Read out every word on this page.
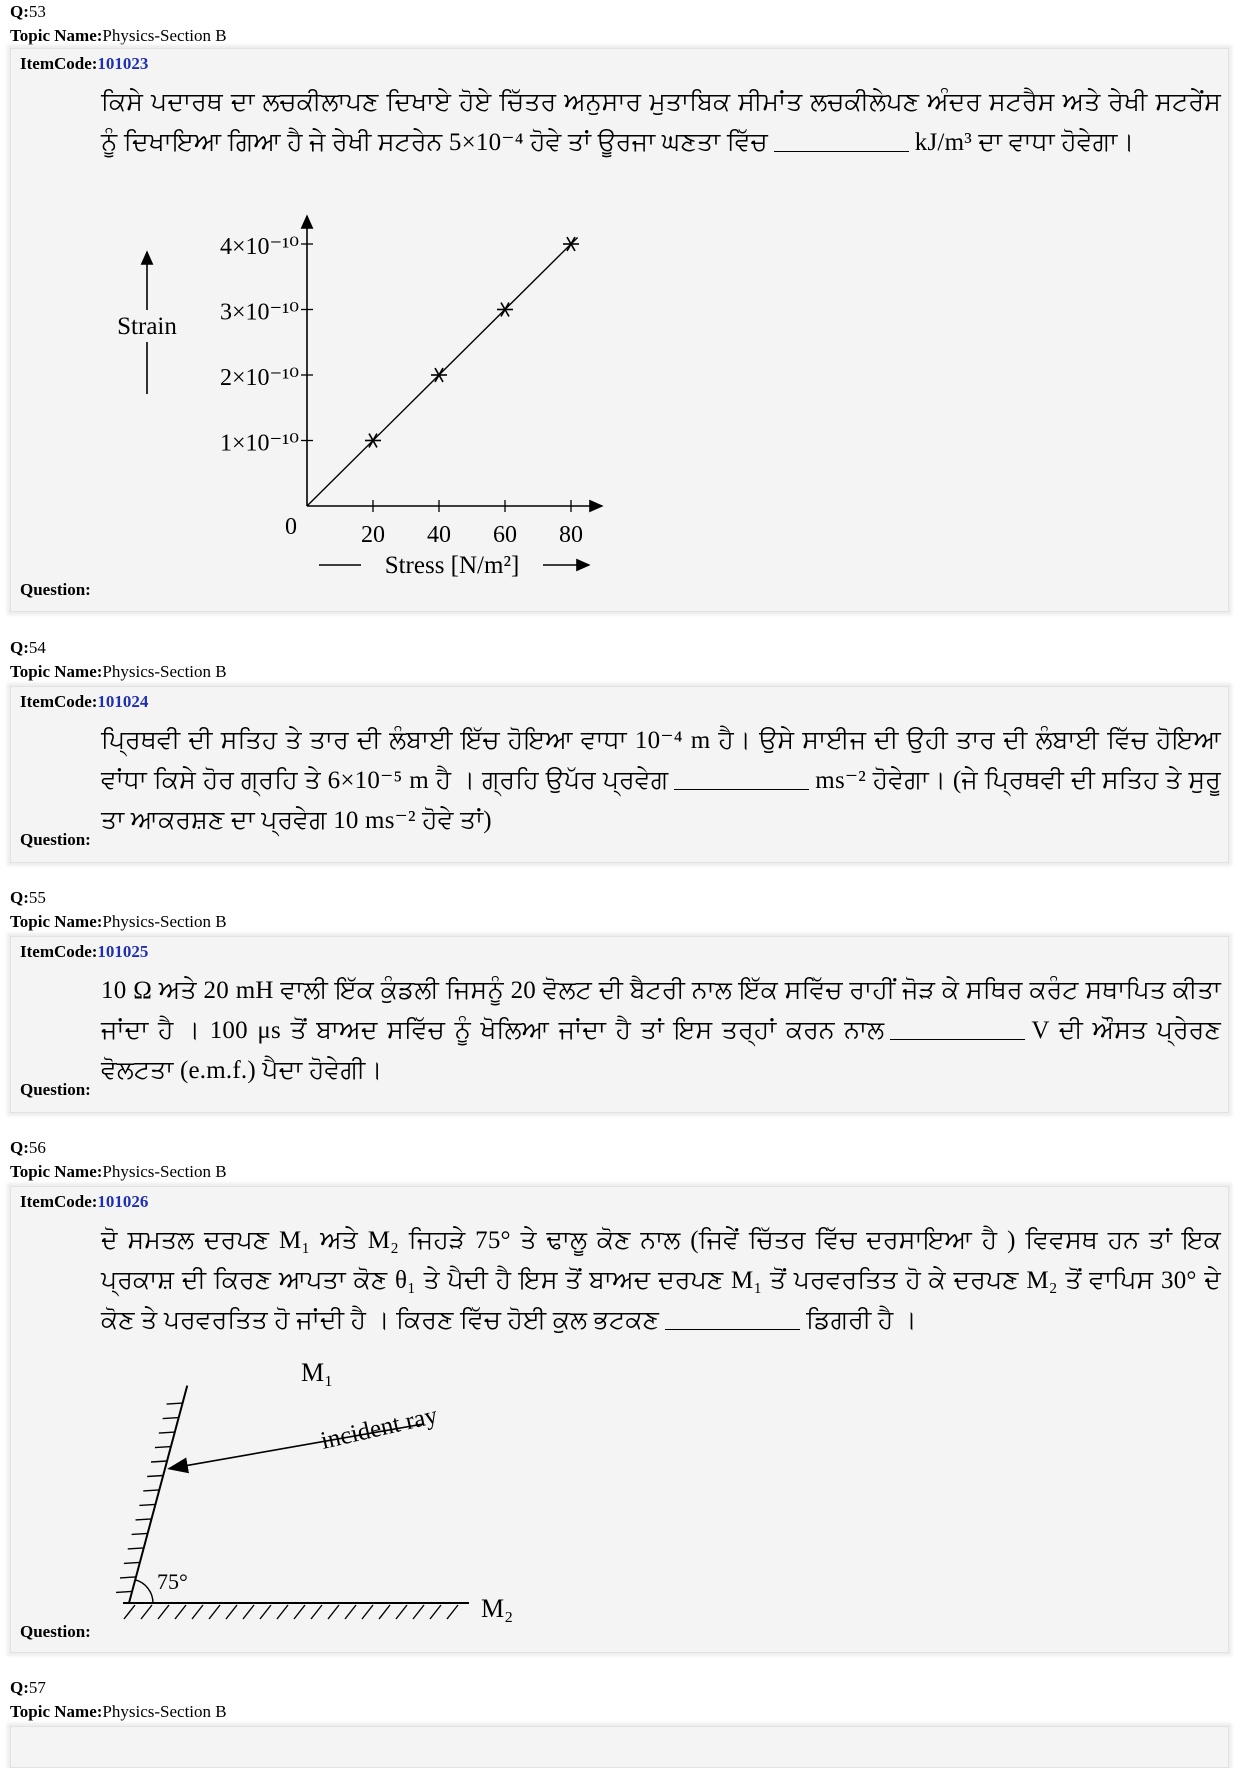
Q:53
Topic Name:Physics-Section B
ItemCode:101023
ਕਿਸੇ ਪਦਾਰਥ ਦਾ ਲਚਕੀਲਾਪਣ ਦਿਖਾਏ ਹੋਏ ਚਿੱਤਰ ਅਨੁਸਾਰ ਮੁਤਾਬਿਕ ਸੀਮਾਂਤ ਲਚਕੀਲੇਪਣ ਅੰਦਰ ਸਟਰੈਸ ਅਤੇ ਰੇਖੀ ਸਟਰੇਂਸ ਨੂੰ ਦਿਖਾਇਆ ਗਿਆ ਹੈ ਜੇ ਰੇਖੀ ਸਟਰੇਨ 5×10⁻⁴ ਹੋਵੇ ਤਾਂ ਊਰਜਾ ਘਣਤਾ ਵਿੱਚ	kJ/m³ ਦਾ ਵਾਧਾ ਹੋਵੇਗਾ।
20 40 60 80
1×10⁻¹⁰
2×10⁻¹⁰
3×10⁻¹⁰
4×10⁻¹⁰
0
Strain
Stress [N/m²]
Question:
Q:54
Topic Name:Physics-Section B
ItemCode:101024
ਪ੍ਰਿਥਵੀ ਦੀ ਸਤਿਹ ਤੇ ਤਾਰ ਦੀ ਲੰਬਾਈ ਇੱਚ ਹੋਇਆ ਵਾਧਾ 10⁻⁴ m ਹੈ। ਉਸੇ ਸਾਈਜ ਦੀ ਉਹੀ ਤਾਰ ਦੀ ਲੰਬਾਈ ਵਿੱਚ ਹੋਇਆ ਵਾਂਧਾ ਕਿਸੇ ਹੋਰ ਗ੍ਰਹਿ ਤੇ 6×10⁻⁵ m ਹੈ । ਗ੍ਰਹਿ ਉਪੱਰ ਪ੍ਰਵੇਗ	ms⁻² ਹੋਵੇਗਾ। (ਜੇ ਪ੍ਰਿਥਵੀ ਦੀ ਸਤਿਹ ਤੇ ਸੁਰੂ ਤਾ ਆਕਰਸ਼ਣ ਦਾ ਪ੍ਰਵੇਗ 10 ms⁻² ਹੋਵੇ ਤਾਂ)
Question:
Q:55
Topic Name:Physics-Section B
ItemCode:101025
10 Ω ਅਤੇ 20 mH ਵਾਲੀ ਇੱਕ ਕੁੰਡਲੀ ਜਿਸਨੂੰ 20 ਵੋਲਟ ਦੀ ਬੈਟਰੀ ਨਾਲ ਇੱਕ ਸਵਿੱਚ ਰਾਹੀਂ ਜੋੜ ਕੇ ਸਥਿਰ ਕਰੰਟ ਸਥਾਪਿਤ ਕੀਤਾ ਜਾਂਦਾ ਹੈ । 100 μs ਤੋਂ ਬਾਅਦ ਸਵਿੱਚ ਨੂੰ ਖੋਲਿਆ ਜਾਂਦਾ ਹੈ ਤਾਂ ਇਸ ਤਰ੍ਹਾਂ ਕਰਨ ਨਾਲ	V ਦੀ ਔਸਤ ਪ੍ਰੇਰਣ ਵੋਲਟਤਾ (e.m.f.) ਪੈਦਾ ਹੋਵੇਗੀ।
Question:
Q:56
Topic Name:Physics-Section B
ItemCode:101026
ਦੋ ਸਮਤਲ ਦਰਪਣ M₁ ਅਤੇ M₂ ਜਿਹੜੇ 75° ਤੇ ਢਾਲੂ ਕੋਣ ਨਾਲ (ਜਿਵੇਂ ਚਿੱਤਰ ਵਿੱਚ ਦਰਸਾਇਆ ਹੈ ) ਵਿਵਸਥ ਹਨ ਤਾਂ ਇਕ ਪ੍ਰਕਾਸ਼ ਦੀ ਕਿਰਣ ਆਪਤਾ ਕੋਣ θ₁ ਤੇ ਪੈਦੀ ਹੈ ਇਸ ਤੋਂ ਬਾਅਦ ਦਰਪਣ M₁ ਤੋਂ ਪਰਵਰਤਿਤ ਹੋ ਕੇ ਦਰਪਣ M₂ ਤੋਂ ਵਾਪਿਸ 30° ਦੇ ਕੋਣ ਤੇ ਪਰਵਰਤਿਤ ਹੋ ਜਾਂਦੀ ਹੈ । ਕਿਰਣ ਵਿੱਚ ਹੋਈ ਕੁਲ ਭਟਕਣ	ਡਿਗਰੀ ਹੈ ।
M₁
M₂
incident ray
75°
Question:
Q:57
Topic Name:Physics-Section B
